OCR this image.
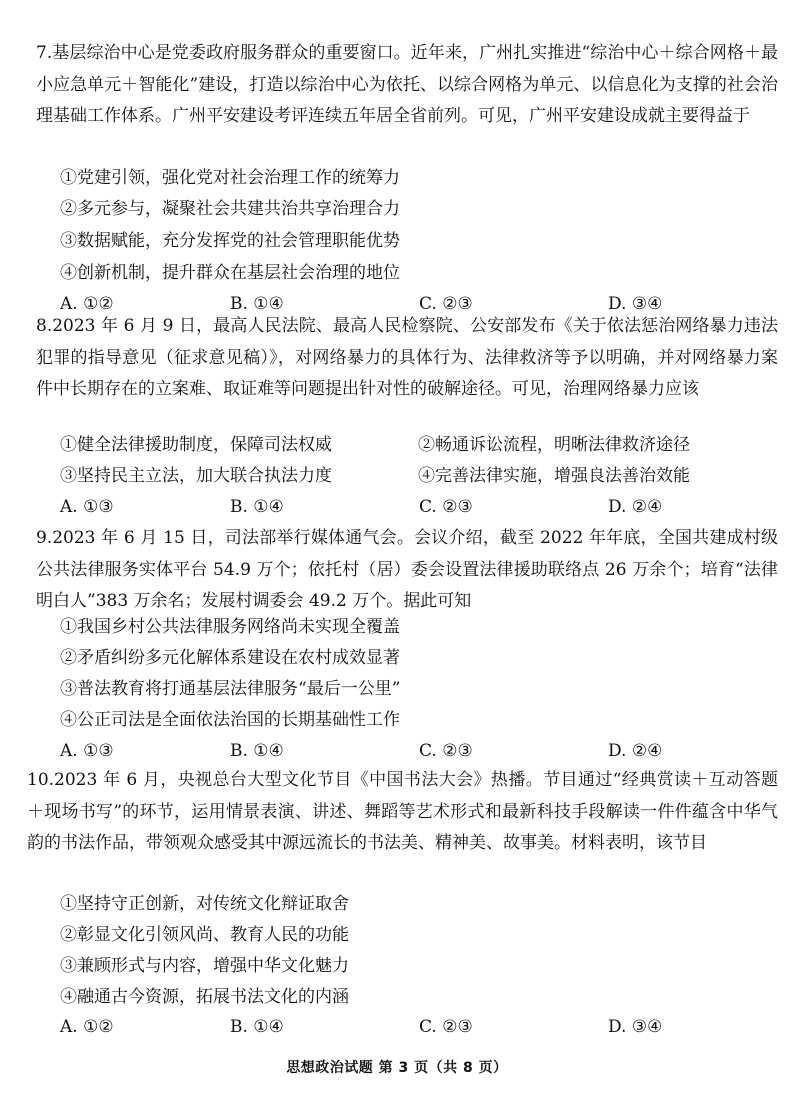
7.基层综治中心是党委政府服务群众的重要窗口。近年来，广州扎实推进“综治中心＋综合网格＋最小应急单元＋智能化”建设，打造以综治中心为依托、以综合网格为单元、以信息化为支撑的社会治理基础工作体系。广州平安建设考评连续五年居全省前列。可见，广州平安建设成就主要得益于

①党建引领，强化党对社会治理工作的统筹力
②多元参与，凝聚社会共建共治共享治理合力
③数据赋能，充分发挥党的社会管理职能优势
④创新机制，提升群众在基层社会治理的地位
A. ①②	B. ①④	C. ②③	D. ③④

8.2023 年 6 月 9 日，最高人民法院、最高人民检察院、公安部发布《关于依法惩治网络暴力违法犯罪的指导意见（征求意见稿）》，对网络暴力的具体行为、法律救济等予以明确，并对网络暴力案件中长期存在的立案难、取证难等问题提出针对性的破解途径。可见，治理网络暴力应该

①健全法律援助制度，保障司法权威	②畅通诉讼流程，明晰法律救济途径
③坚持民主立法，加大联合执法力度	④完善法律实施，增强良法善治效能
A. ①③	B. ①④	C. ②③	D. ②④

9.2023 年 6 月 15 日，司法部举行媒体通气会。会议介绍，截至 2022 年年底，全国共建成村级公共法律服务实体平台 54.9 万个；依托村（居）委会设置法律援助联络点 26 万余个；培育“法律明白人”383 万余名；发展村调委会 49.2 万个。据此可知

①我国乡村公共法律服务网络尚未实现全覆盖
②矛盾纠纷多元化解体系建设在农村成效显著
③普法教育将打通基层法律服务“最后一公里”
④公正司法是全面依法治国的长期基础性工作
A. ①③	B. ①④	C. ②③	D. ②④

10.2023 年 6 月，央视总台大型文化节目《中国书法大会》热播。节目通过“经典赏读＋互动答题＋现场书写”的环节，运用情景表演、讲述、舞蹈等艺术形式和最新科技手段解读一件件蕴含中华气韵的书法作品，带领观众感受其中源远流长的书法美、精神美、故事美。材料表明，该节目

①坚持守正创新，对传统文化辩证取舍
②彰显文化引领风尚、教育人民的功能
③兼顾形式与内容，增强中华文化魅力
④融通古今资源，拓展书法文化的内涵
A. ①②	B. ①④	C. ②③	D. ③④
思想政治试题 第 3 页（共 8 页）
